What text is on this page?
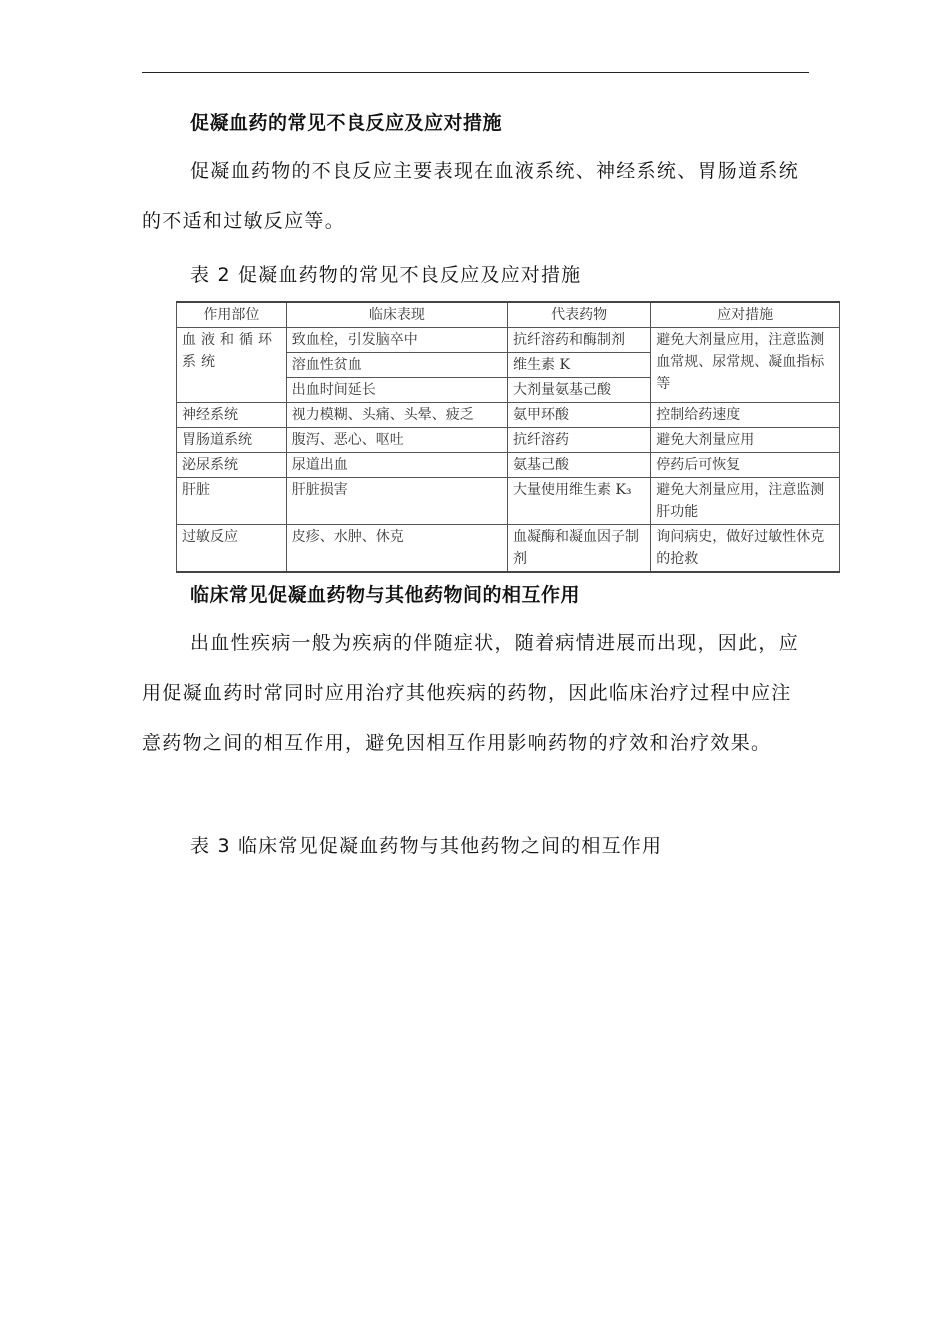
促凝血药的常见不良反应及应对措施

促凝血药物的不良反应主要表现在血液系统、神经系统、胃肠道系统的不适和过敏反应等。

表 2 促凝血药物的常见不良反应及应对措施
作用部位	临床表现	代表药物	应对措施
血液和循环系统	致血栓，引发脑卒中	抗纤溶药和酶制剂	避免大剂量应用，注意监测血常规、尿常规、凝血指标等
	溶血性贫血	维生素 K	
	出血时间延长	大剂量氨基己酸	
神经系统	视力模糊、头痛、头晕、疲乏	氨甲环酸	控制给药速度
胃肠道系统	腹泻、恶心、呕吐	抗纤溶药	避免大剂量应用
泌尿系统	尿道出血	氨基己酸	停药后可恢复
肝脏	肝脏损害	大量使用维生素 K₃	避免大剂量应用，注意监测肝功能
过敏反应	皮疹、水肿、休克	血凝酶和凝血因子制剂	询问病史，做好过敏性休克的抢救
临床常见促凝血药物与其他药物间的相互作用

出血性疾病一般为疾病的伴随症状，随着病情进展而出现，因此，应用促凝血药时常同时应用治疗其他疾病的药物，因此临床治疗过程中应注意药物之间的相互作用，避免因相互作用影响药物的疗效和治疗效果。

表 3 临床常见促凝血药物与其他药物之间的相互作用
